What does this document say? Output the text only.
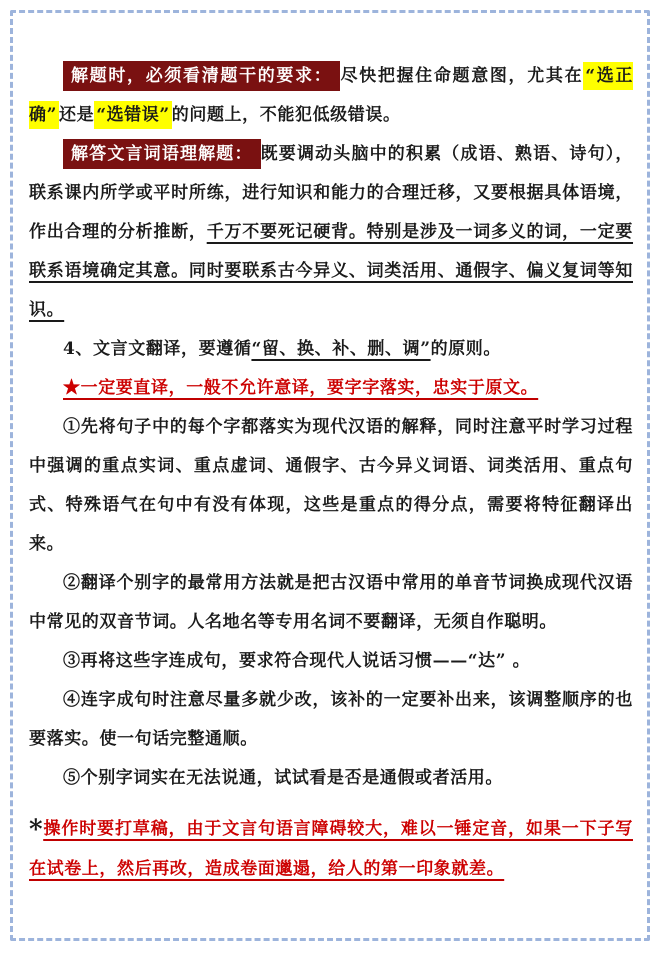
解题时，必须看清题干的要求： 尽快把握住命题意图，尤其在 “选正确” 还是 “选错误” 的问题上，不能犯低级错误。

解答文言词语理解题： 既要调动头脑中的积累（成语、熟语、诗句），联系课内所学或平时所练，进行知识和能力的合理迁移，又要根据具体语境，作出合理的分析推断，千万不要死记硬背。特别是涉及一词多义的词，一定要联系语境确定其意。同时要联系古今异义、词类活用、通假字、偏义复词等知识。

4、文言文翻译，要遵循“留、换、补、删、调”的原则。

★一定要直译，一般不允许意译，要字字落实，忠实于原文。

①先将句子中的每个字都落实为现代汉语的解释，同时注意平时学习过程中强调的重点实词、重点虚词、通假字、古今异义词语、词类活用、重点句式、特殊语气在句中有没有体现，这些是重点的得分点，需要将特征翻译出来。

②翻译个别字的最常用方法就是把古汉语中常用的单音节词换成现代汉语中常见的双音节词。人名地名等专用名词不要翻译，无须自作聪明。

③再将这些字连成句，要求符合现代人说话习惯——“达” 。

④连字成句时注意尽量多就少改，该补的一定要补出来，该调整顺序的也要落实。使一句话完整通顺。

⑤个别字词实在无法说通，试试看是否是通假或者活用。

*操作时要打草稿，由于文言句语言障碍较大，难以一锤定音，如果一下子写在试卷上，然后再改，造成卷面邋遢，给人的第一印象就差。
